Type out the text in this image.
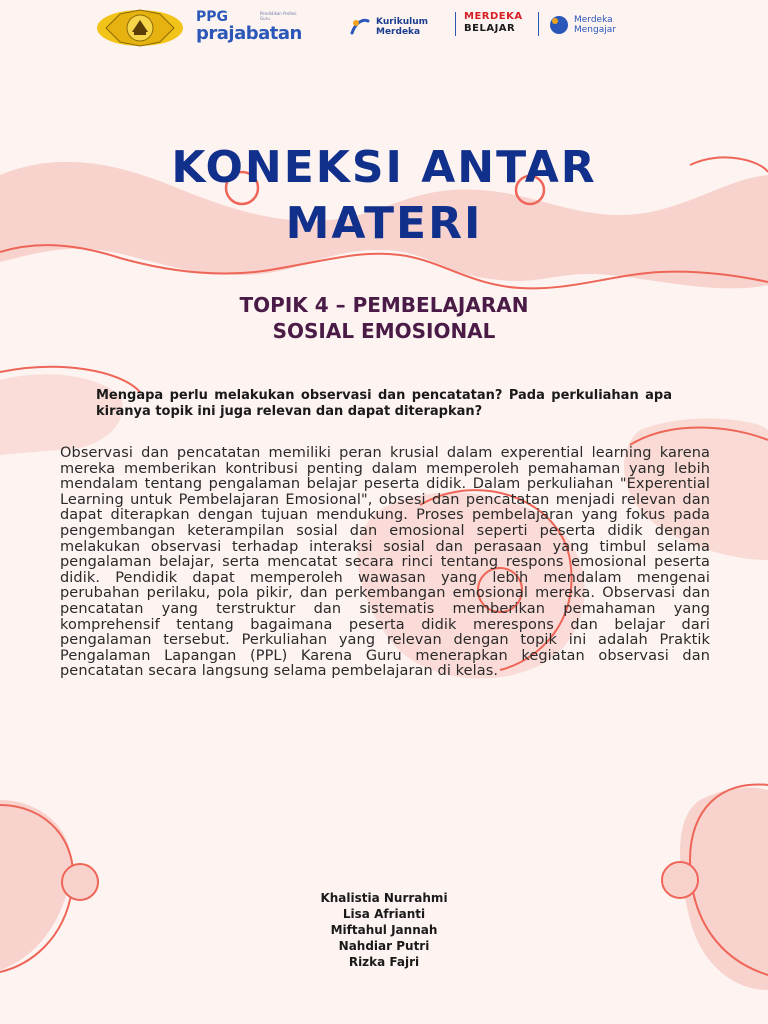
PPG	Pendidikan Profesi Guru
prajabatan
Kurikulum
Merdeka
MERDEKA
BELAJAR
Merdeka
Mengajar
KONEKSI ANTAR
MATERI
TOPIK 4 – PEMBELAJARAN
SOSIAL EMOSIONAL
Mengapa perlu melakukan observasi dan pencatatan? Pada perkuliahan apa kiranya topik ini juga relevan dan dapat diterapkan?
Observasi dan pencatatan memiliki peran krusial dalam experential learning karena mereka memberikan kontribusi penting dalam memperoleh pemahaman yang lebih mendalam tentang pengalaman belajar peserta didik. Dalam perkuliahan "Experential Learning untuk Pembelajaran Emosional", obsesi dan pencatatan menjadi relevan dan dapat diterapkan dengan tujuan mendukung. Proses pembelajaran yang fokus pada pengembangan keterampilan sosial dan emosional seperti peserta didik dengan melakukan observasi terhadap interaksi sosial dan perasaan yang timbul selama pengalaman belajar, serta mencatat secara rinci tentang respons emosional peserta didik. Pendidik dapat memperoleh wawasan yang lebih mendalam mengenai perubahan perilaku, pola pikir, dan perkembangan emosional mereka. Observasi dan pencatatan yang terstruktur dan sistematis memberikan pemahaman yang komprehensif tentang bagaimana peserta didik merespons dan belajar dari pengalaman tersebut. Perkuliahan yang relevan dengan topik ini adalah Praktik Pengalaman Lapangan (PPL) Karena Guru menerapkan kegiatan observasi dan pencatatan secara langsung selama pembelajaran di kelas.
Khalistia Nurrahmi
Lisa Afrianti
Miftahul Jannah
Nahdiar Putri
Rizka Fajri
